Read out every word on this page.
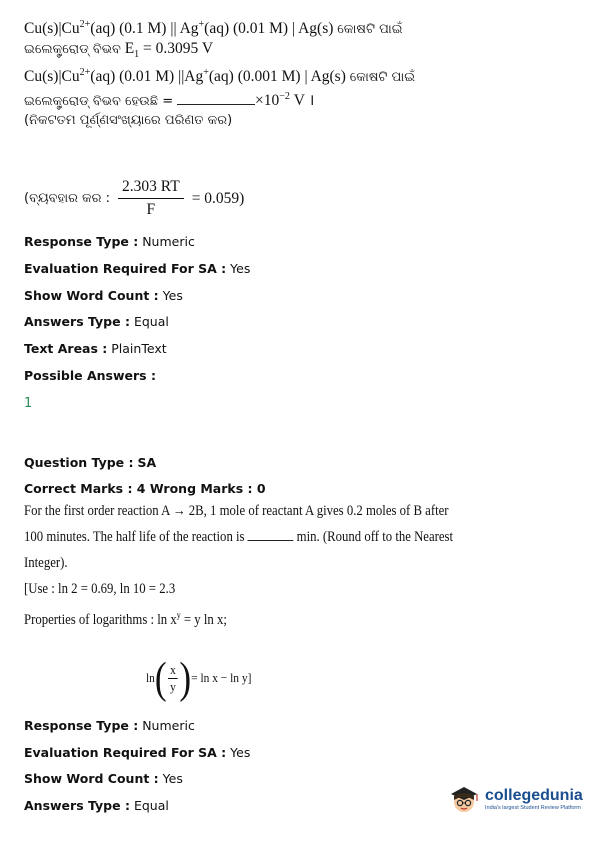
$Cu(s)|Cu^{2+}(aq)$ (0.1 M) || Ag+(aq) (0.01 M) | Ag(s) କୋଷଟି ପାଇଁ
ଇଲେକ୍ଟ୍ରୋଡ୍ ବିଭବ $E_1 = 0.3095$ V
$Cu(s)|Cu^{2+}(aq)$ (0.01 M) ||Ag+(aq) (0.001 M) | Ag(s) କୋଷଟି ପାଇଁ
ଇଲେକ୍ଟ୍ରୋଡ୍ ବିଭବ ହେଉଛି =	$\times 10^{-2}$ V ।
(ନିକଟତମ ପୂର୍ଣ୍ଣସଂଖ୍ୟାରେ ପରିଣତ କର)
(ବ୍ୟବହାର କର : $\frac{2.303 RT}{F} = 0.059$)
Response Type : Numeric
Evaluation Required For SA : Yes
Show Word Count : Yes
Answers Type : Equal
Text Areas : PlainText
Possible Answers :
1
Question Type : SA
Correct Marks : 4 Wrong Marks : 0
For the first order reaction A → 2B, 1 mole of reactant A gives 0.2 moles of B after
100 minutes. The half life of the reaction is	min. (Round off to the Nearest
Integer).
[Use : ln 2 = 0.69, ln 10 = 2.3
Properties of logarithms : $\ln x^y = y$ ln x;
ln ( $\frac{x}{y}$ ) = ln x − ln y]
Response Type : Numeric
Evaluation Required For SA : Yes
Show Word Count : Yes
Answers Type : Equal
collegedunia
India's largest Student Review Platform
